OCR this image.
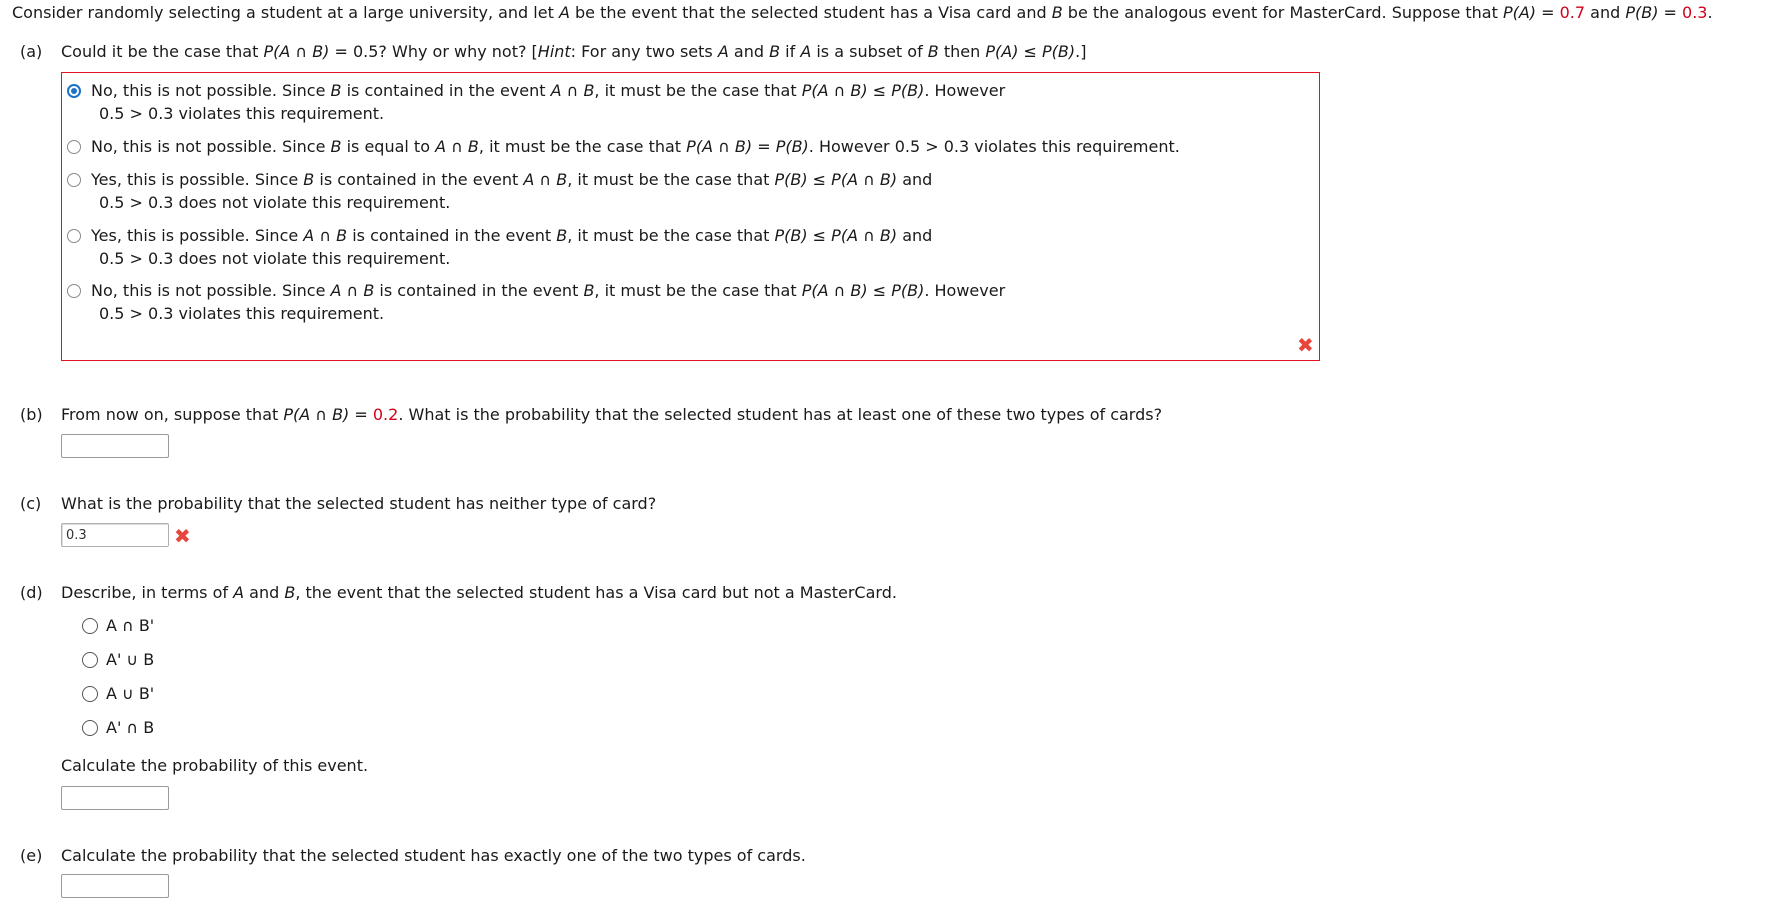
Consider randomly selecting a student at a large university, and let A be the event that the selected student has a Visa card and B be the analogous event for MasterCard. Suppose that P(A) = 0.7 and P(B) = 0.3.
(a) Could it be the case that P(A ∩ B) = 0.5? Why or why not? [Hint: For any two sets A and B if A is a subset of B then P(A) ≤ P(B).]
No, this is not possible. Since B is contained in the event A ∩ B, it must be the case that P(A ∩ B) ≤ P(B). However
0.5 > 0.3 violates this requirement.
No, this is not possible. Since B is equal to A ∩ B, it must be the case that P(A ∩ B) = P(B). However 0.5 > 0.3 violates this requirement.
Yes, this is possible. Since B is contained in the event A ∩ B, it must be the case that P(B) ≤ P(A ∩ B) and
0.5 > 0.3 does not violate this requirement.
Yes, this is possible. Since A ∩ B is contained in the event B, it must be the case that P(B) ≤ P(A ∩ B) and
0.5 > 0.3 does not violate this requirement.
No, this is not possible. Since A ∩ B is contained in the event B, it must be the case that P(A ∩ B) ≤ P(B). However
0.5 > 0.3 violates this requirement.
✖
(b) From now on, suppose that P(A ∩ B) = 0.2. What is the probability that the selected student has at least one of these two types of cards?
(c) What is the probability that the selected student has neither type of card?
0.3
✖
(d) Describe, in terms of A and B, the event that the selected student has a Visa card but not a MasterCard.
A ∩ B'
A' ∪ B
A ∪ B'
A' ∩ B
Calculate the probability of this event.
(e) Calculate the probability that the selected student has exactly one of the two types of cards.
